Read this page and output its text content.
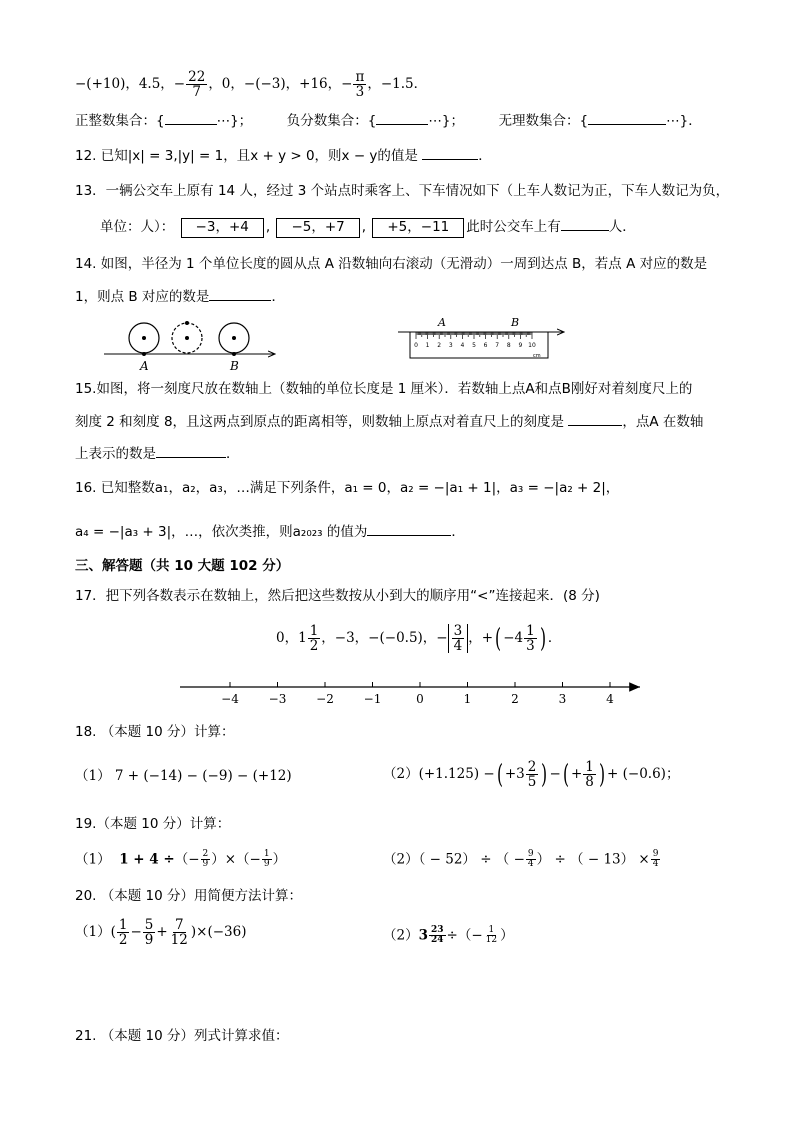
−(+10)，4.5，− $\frac{22}{7}$ ，0，−(−3)，+16，− $\frac{\pi}{3}$ ，−1.5．
正整数集合：{	⋯}；	负分数集合：{	⋯}；	无理数集合：{	⋯}．
12. 已知|x| = 3,|y| = 1，且x + y > 0，则x − y的值是	．
13．一辆公交车上原有 14 人，经过 3 个站点时乘客上、下车情况如下（上车人数记为正，下车人数记为负，
单位：人）： −3，+4 , −5，+7 , +5，−11 此时公交车上有	人．
14. 如图，半径为 1 个单位长度的圆从点 A 沿数轴向右滚动（无滑动）一周到达点 B，若点 A 对应的数是
1，则点 B 对应的数是	．
A	B
A	B
0 1 2 3 4 5 6 7 8 9 10
cm
15.如图，将一刻度尺放在数轴上（数轴的单位长度是 1 厘米）．若数轴上点A和点B刚好对着刻度尺上的
刻度 2 和刻度 8，且这两点到原点的距离相等，则数轴上原点对着直尺上的刻度是	，点A 在数轴
上表示的数是	．
16. 已知整数a₁，a₂，a₃，…满足下列条件，a₁ = 0，a₂ = −|a₁ + 1|，a₃ = −|a₂ + 2|，
a₄ = −|a₃ + 3|，…，依次类推，则a₂₀₂₃ 的值为	．
三、解答题（共 10 大题 102 分）
17．把下列各数表示在数轴上，然后把这些数按从小到大的顺序用“<”连接起来．(8 分)
0，$1 \frac{1}{2}$ ，−3，−(−0.5)，− $\frac{3}{4}$ ，+( $-4 \frac{1}{3}$ ) ．
−4 −3 −2 −1	0	1	2	3	4
18. （本题 10 分）计算：
（1） 7 + (−14) − (−9) − (+12)	（2）(+1.125) −( $+3 \frac{2}{5}$ ) −( + $\frac{1}{8}$ ) + (−0.6)；
19.（本题 10 分）计算：
（1） 1 + 4 ÷（− $\frac{2}{9}$ ）×（− $\frac{1}{9}$ ）	（2）（ − 52） ÷ （ − $\frac{9}{4}$ ） ÷ （ − $13) \times \frac{9}{4}$
20. （本题 10 分）用简便方法计算：
$(1)( \frac{1}{2} - \frac{5}{9} + \frac{7}{12} )\times(-36)$	$(2)3 \frac{23}{24}$ ÷（− $\frac{1}{12}$ ）
21. （本题 10 分）列式计算求值：
